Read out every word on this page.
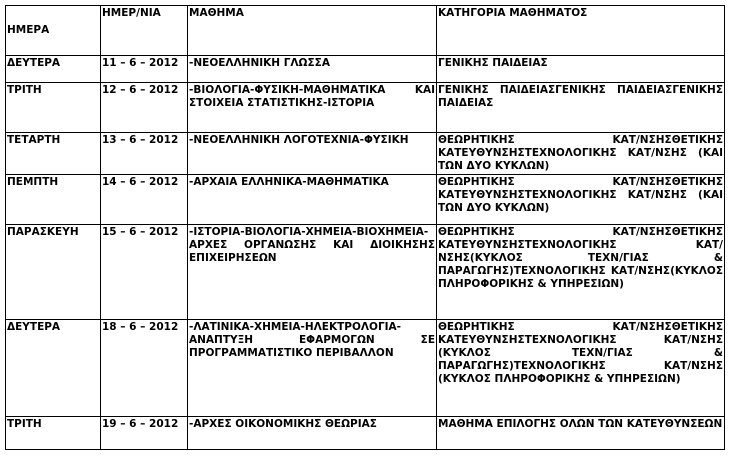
ΗΜΕΡΑ	ΗΜΕΡ/ΝΙΑ	ΜΑΘΗΜΑ	ΚΑΤΗΓΟΡΙΑ ΜΑΘΗΜΑΤΟΣ
ΔΕΥΤΕΡΑ	11 – 6 – 2012	-ΝΕΟΕΛΛΗΝΙΚΗ ΓΛΩΣΣΑ	ΓΕΝΙΚΗΣ ΠΑΙΔΕΙΑΣ
ΤΡΙΤΗ	12 – 6 – 2012	-ΒΙΟΛΟΓΙΑ-ΦΥΣΙΚΗ-ΜΑΘΗΜΑΤΙΚΑ ΚΑΙ ΣΤΟΙΧΕΙΑ ΣΤΑΤΙΣΤΙΚΗΣ-ΙΣΤΟΡΙΑ	ΓΕΝΙΚΗΣ ΠΑΙΔΕΙΑΣΓΕΝΙΚΗΣ ΠΑΙΔΕΙΑΣΓΕΝΙΚΗΣ ΠΑΙΔΕΙΑΣ
ΤΕΤΑΡΤΗ	13 – 6 – 2012	-ΝΕΟΕΛΛΗΝΙΚΗ ΛΟΓΟΤΕΧΝΙΑ-ΦΥΣΙΚΗ	ΘΕΩΡΗΤΙΚΗΣ ΚΑΤ/ΝΣΗΣΘΕΤΙΚΗΣ ΚΑΤΕΥΘΥΝΣΗΣΤΕΧΝΟΛΟΓΙΚΗΣ ΚΑΤ/ΝΣΗΣ (ΚΑΙ ΤΩΝ ΔΥΟ ΚΥΚΛΩΝ)
ΠΕΜΠΤΗ	14 – 6 – 2012	-ΑΡΧΑΙΑ ΕΛΛΗΝΙΚΑ-ΜΑΘΗΜΑΤΙΚΑ	ΘΕΩΡΗΤΙΚΗΣ ΚΑΤ/ΝΣΗΣΘΕΤΙΚΗΣ ΚΑΤΕΥΘΥΝΣΗΣΤΕΧΝΟΛΟΓΙΚΗΣ ΚΑΤ/ΝΣΗΣ (ΚΑΙ ΤΩΝ ΔΥΟ ΚΥΚΛΩΝ)
ΠΑΡΑΣΚΕΥΗ	15 – 6 – 2012	-ΙΣΤΟΡΙΑ-ΒΙΟΛΟΓΙΑ-ΧΗΜΕΙΑ-ΒΙΟΧΗΜΕΙΑ-ΑΡΧΕΣ ΟΡΓΑΝΩΣΗΣ ΚΑΙ ΔΙΟΙΚΗΣΗΣ ΕΠΙΧΕΙΡΗΣΕΩΝ	ΘΕΩΡΗΤΙΚΗΣ ΚΑΤ/ΝΣΗΣΘΕΤΙΚΗΣ ΚΑΤΕΥΘΥΝΣΗΣΤΕΧΝΟΛΟΓΙΚΗΣ ΚΑΤ/ΝΣΗΣ(ΚΥΚΛΟΣ ΤΕΧΝ/ΓΙΑΣ & ΠΑΡΑΓΩΓΗΣ)ΤΕΧΝΟΛΟΓΙΚΗΣ ΚΑΤ/ΝΣΗΣ(ΚΥΚΛΟΣ ΠΛΗΡΟΦΟΡΙΚΗΣ & ΥΠΗΡΕΣΙΩΝ)
ΔΕΥΤΕΡΑ	18 – 6 – 2012	-ΛΑΤΙΝΙΚΑ-ΧΗΜΕΙΑ-ΗΛΕΚΤΡΟΛΟΓΙΑ-ΑΝΑΠΤΥΞΗ ΕΦΑΡΜΟΓΩΝ ΣΕ ΠΡΟΓΡΑΜΜΑΤΙΣΤΙΚΟ ΠΕΡΙΒΑΛΛΟΝ	ΘΕΩΡΗΤΙΚΗΣ ΚΑΤ/ΝΣΗΣΘΕΤΙΚΗΣ ΚΑΤΕΥΘΥΝΣΗΣΤΕΧΝΟΛΟΓΙΚΗΣ ΚΑΤ/ΝΣΗΣ (ΚΥΚΛΟΣ ΤΕΧΝ/ΓΙΑΣ & ΠΑΡΑΓΩΓΗΣ)ΤΕΧΝΟΛΟΓΙΚΗΣ ΚΑΤ/ΝΣΗΣ (ΚΥΚΛΟΣ ΠΛΗΡΟΦΟΡΙΚΗΣ & ΥΠΗΡΕΣΙΩΝ)
ΤΡΙΤΗ	19 – 6 – 2012	-ΑΡΧΕΣ ΟΙΚΟΝΟΜΙΚΗΣ ΘΕΩΡΙΑΣ	ΜΑΘΗΜΑ ΕΠΙΛΟΓΗΣ ΟΛΩΝ ΤΩΝ ΚΑΤΕΥΘΥΝΣΕΩΝ
